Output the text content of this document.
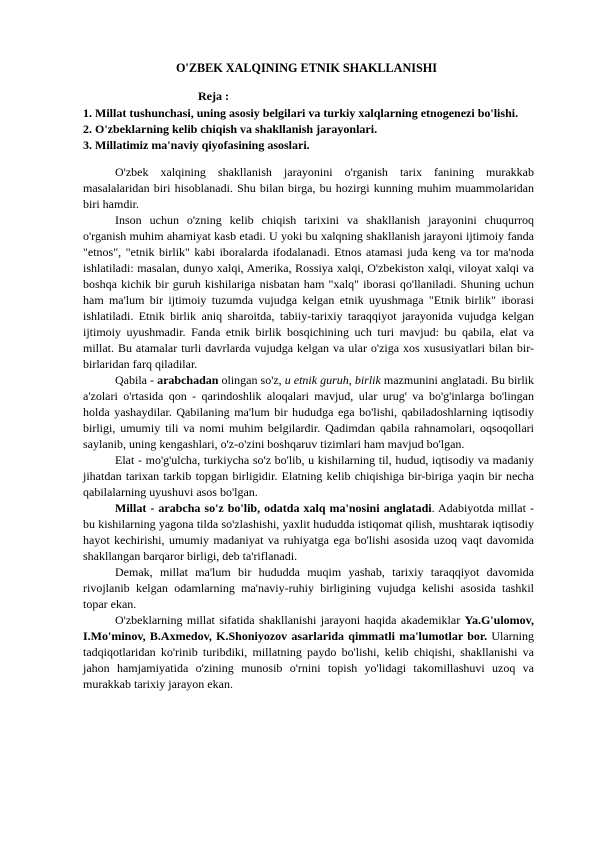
O'ZBEK XALQINING ETNIK SHAKLLANISHI
Reja :
1. Millat tushunchasi, uning asosiy belgilari va turkiy xalqlarning etnogenezi bo'lishi.
2. O'zbeklarning kelib chiqish va shakllanish jarayonlari.
3. Millatimiz ma'naviy qiyofasining asoslari.

O'zbek xalqining shakllanish jarayonini o'rganish tarix fanining murakkab masalalaridan biri hisoblanadi. Shu bilan birga, bu hozirgi kunning muhim muammolaridan biri hamdir.

Inson uchun o'zning kelib chiqish tarixini va shakllanish jarayonini chuqurroq o'rganish muhim ahamiyat kasb etadi. U yoki bu xalqning shakllanish jarayoni ijtimoiy fanda "etnos", "etnik birlik" kabi iboralarda ifodalanadi. Etnos atamasi juda keng va tor ma'noda ishlatiladi: masalan, dunyo xalqi, Amerika, Rossiya xalqi, O'zbekiston xalqi, viloyat xalqi va boshqa kichik bir guruh kishilariga nisbatan ham "xalq" iborasi qo'llaniladi. Shuning uchun ham ma'lum bir ijtimoiy tuzumda vujudga kelgan etnik uyushmaga "Etnik birlik" iborasi ishlatiladi. Etnik birlik aniq sharoitda, tabiiy-tarixiy taraqqiyot jarayonida vujudga kelgan ijtimoiy uyushmadir. Fanda etnik birlik bosqichining uch turi mavjud: bu qabila, elat va millat. Bu atamalar turli davrlarda vujudga kelgan va ular o'ziga xos xususiyatlari bilan bir-birlaridan farq qiladilar.

Qabila - arabchadan olingan so'z, u etnik guruh, birlik mazmunini anglatadi. Bu birlik a'zolari o'rtasida qon - qarindoshlik aloqalari mavjud, ular urug' va bo'g'inlarga bo'lingan holda yashaydilar. Qabilaning ma'lum bir hududga ega bo'lishi, qabiladoshlarning iqtisodiy birligi, umumiy tili va nomi muhim belgilardir. Qadimdan qabila rahnamolari, oqsoqollari saylanib, uning kengashlari, o'z-o'zini boshqaruv tizimlari ham mavjud bo'lgan.

Elat - mo'g'ulcha, turkiycha so'z bo'lib, u kishilarning til, hudud, iqtisodiy va madaniy jihatdan tarixan tarkib topgan birligidir. Elatning kelib chiqishiga bir-biriga yaqin bir necha qabilalarning uyushuvi asos bo'lgan.

Millat - arabcha so'z bo'lib, odatda xalq ma'nosini anglatadi. Adabiyotda millat - bu kishilarning yagona tilda so'zlashishi, yaxlit hududda istiqomat qilish, mushtarak iqtisodiy hayot kechirishi, umumiy madaniyat va ruhiyatga ega bo'lishi asosida uzoq vaqt davomida shakllangan barqaror birligi, deb ta'riflanadi.

Demak, millat ma'lum bir hududda muqim yashab, tarixiy taraqqiyot davomida rivojlanib kelgan odamlarning ma'naviy-ruhiy birligining vujudga kelishi asosida tashkil topar ekan.

O'zbeklarning millat sifatida shakllanishi jarayoni haqida akademiklar Ya.G'ulomov, I.Mo'minov, B.Axmedov, K.Shoniyozov asarlarida qimmatli ma'lumotlar bor. Ularning tadqiqotlaridan ko'rinib turibdiki, millatning paydo bo'lishi, kelib chiqishi, shakllanishi va jahon hamjamiyatida o'zining munosib o'rnini topish yo'lidagi takomillashuvi uzoq va murakkab tarixiy jarayon ekan.
